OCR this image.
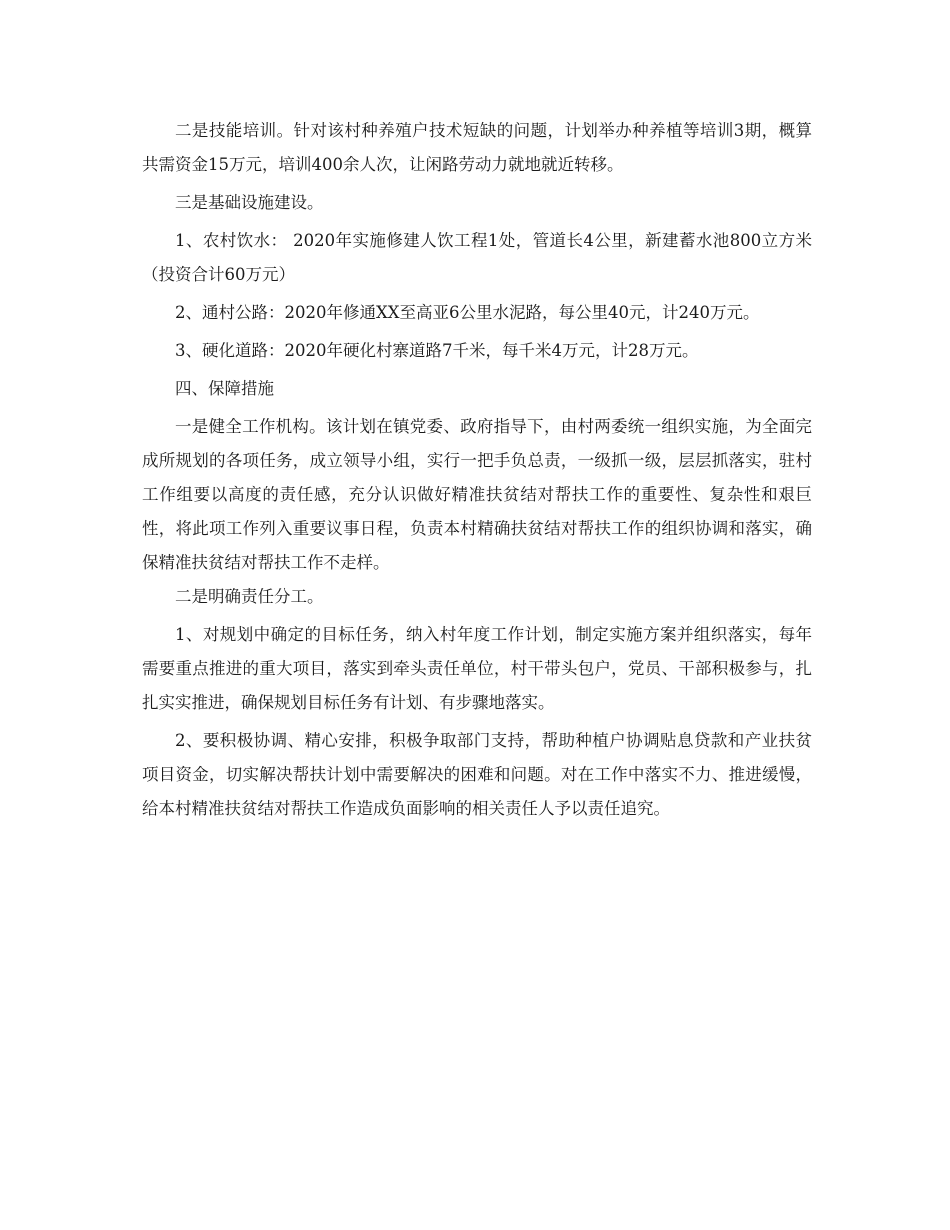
二是技能培训。针对该村种养殖户技术短缺的问题，计划举办种养植等培训3期，概算共需资金15万元，培训400余人次，让闲路劳动力就地就近转移。

三是基础设施建设。

1、农村饮水： 2020年实施修建人饮工程1处，管道长4公里，新建蓄水池800立方米（投资合计60万元）

2、通村公路：2020年修通XX至高亚6公里水泥路，每公里40元，计240万元。

3、硬化道路：2020年硬化村寨道路7千米，每千米4万元，计28万元。

四、保障措施

一是健全工作机构。该计划在镇党委、政府指导下，由村两委统一组织实施，为全面完成所规划的各项任务，成立领导小组，实行一把手负总责，一级抓一级，层层抓落实，驻村工作组要以高度的责任感，充分认识做好精准扶贫结对帮扶工作的重要性、复杂性和艰巨性，将此项工作列入重要议事日程，负责本村精确扶贫结对帮扶工作的组织协调和落实，确保精准扶贫结对帮扶工作不走样。

二是明确责任分工。

1、对规划中确定的目标任务，纳入村年度工作计划，制定实施方案并组织落实，每年需要重点推进的重大项目，落实到牵头责任单位，村干带头包户，党员、干部积极参与，扎扎实实推进，确保规划目标任务有计划、有步骤地落实。

2、要积极协调、精心安排，积极争取部门支持，帮助种植户协调贴息贷款和产业扶贫项目资金，切实解决帮扶计划中需要解决的困难和问题。对在工作中落实不力、推进缓慢，给本村精准扶贫结对帮扶工作造成负面影响的相关责任人予以责任追究。
